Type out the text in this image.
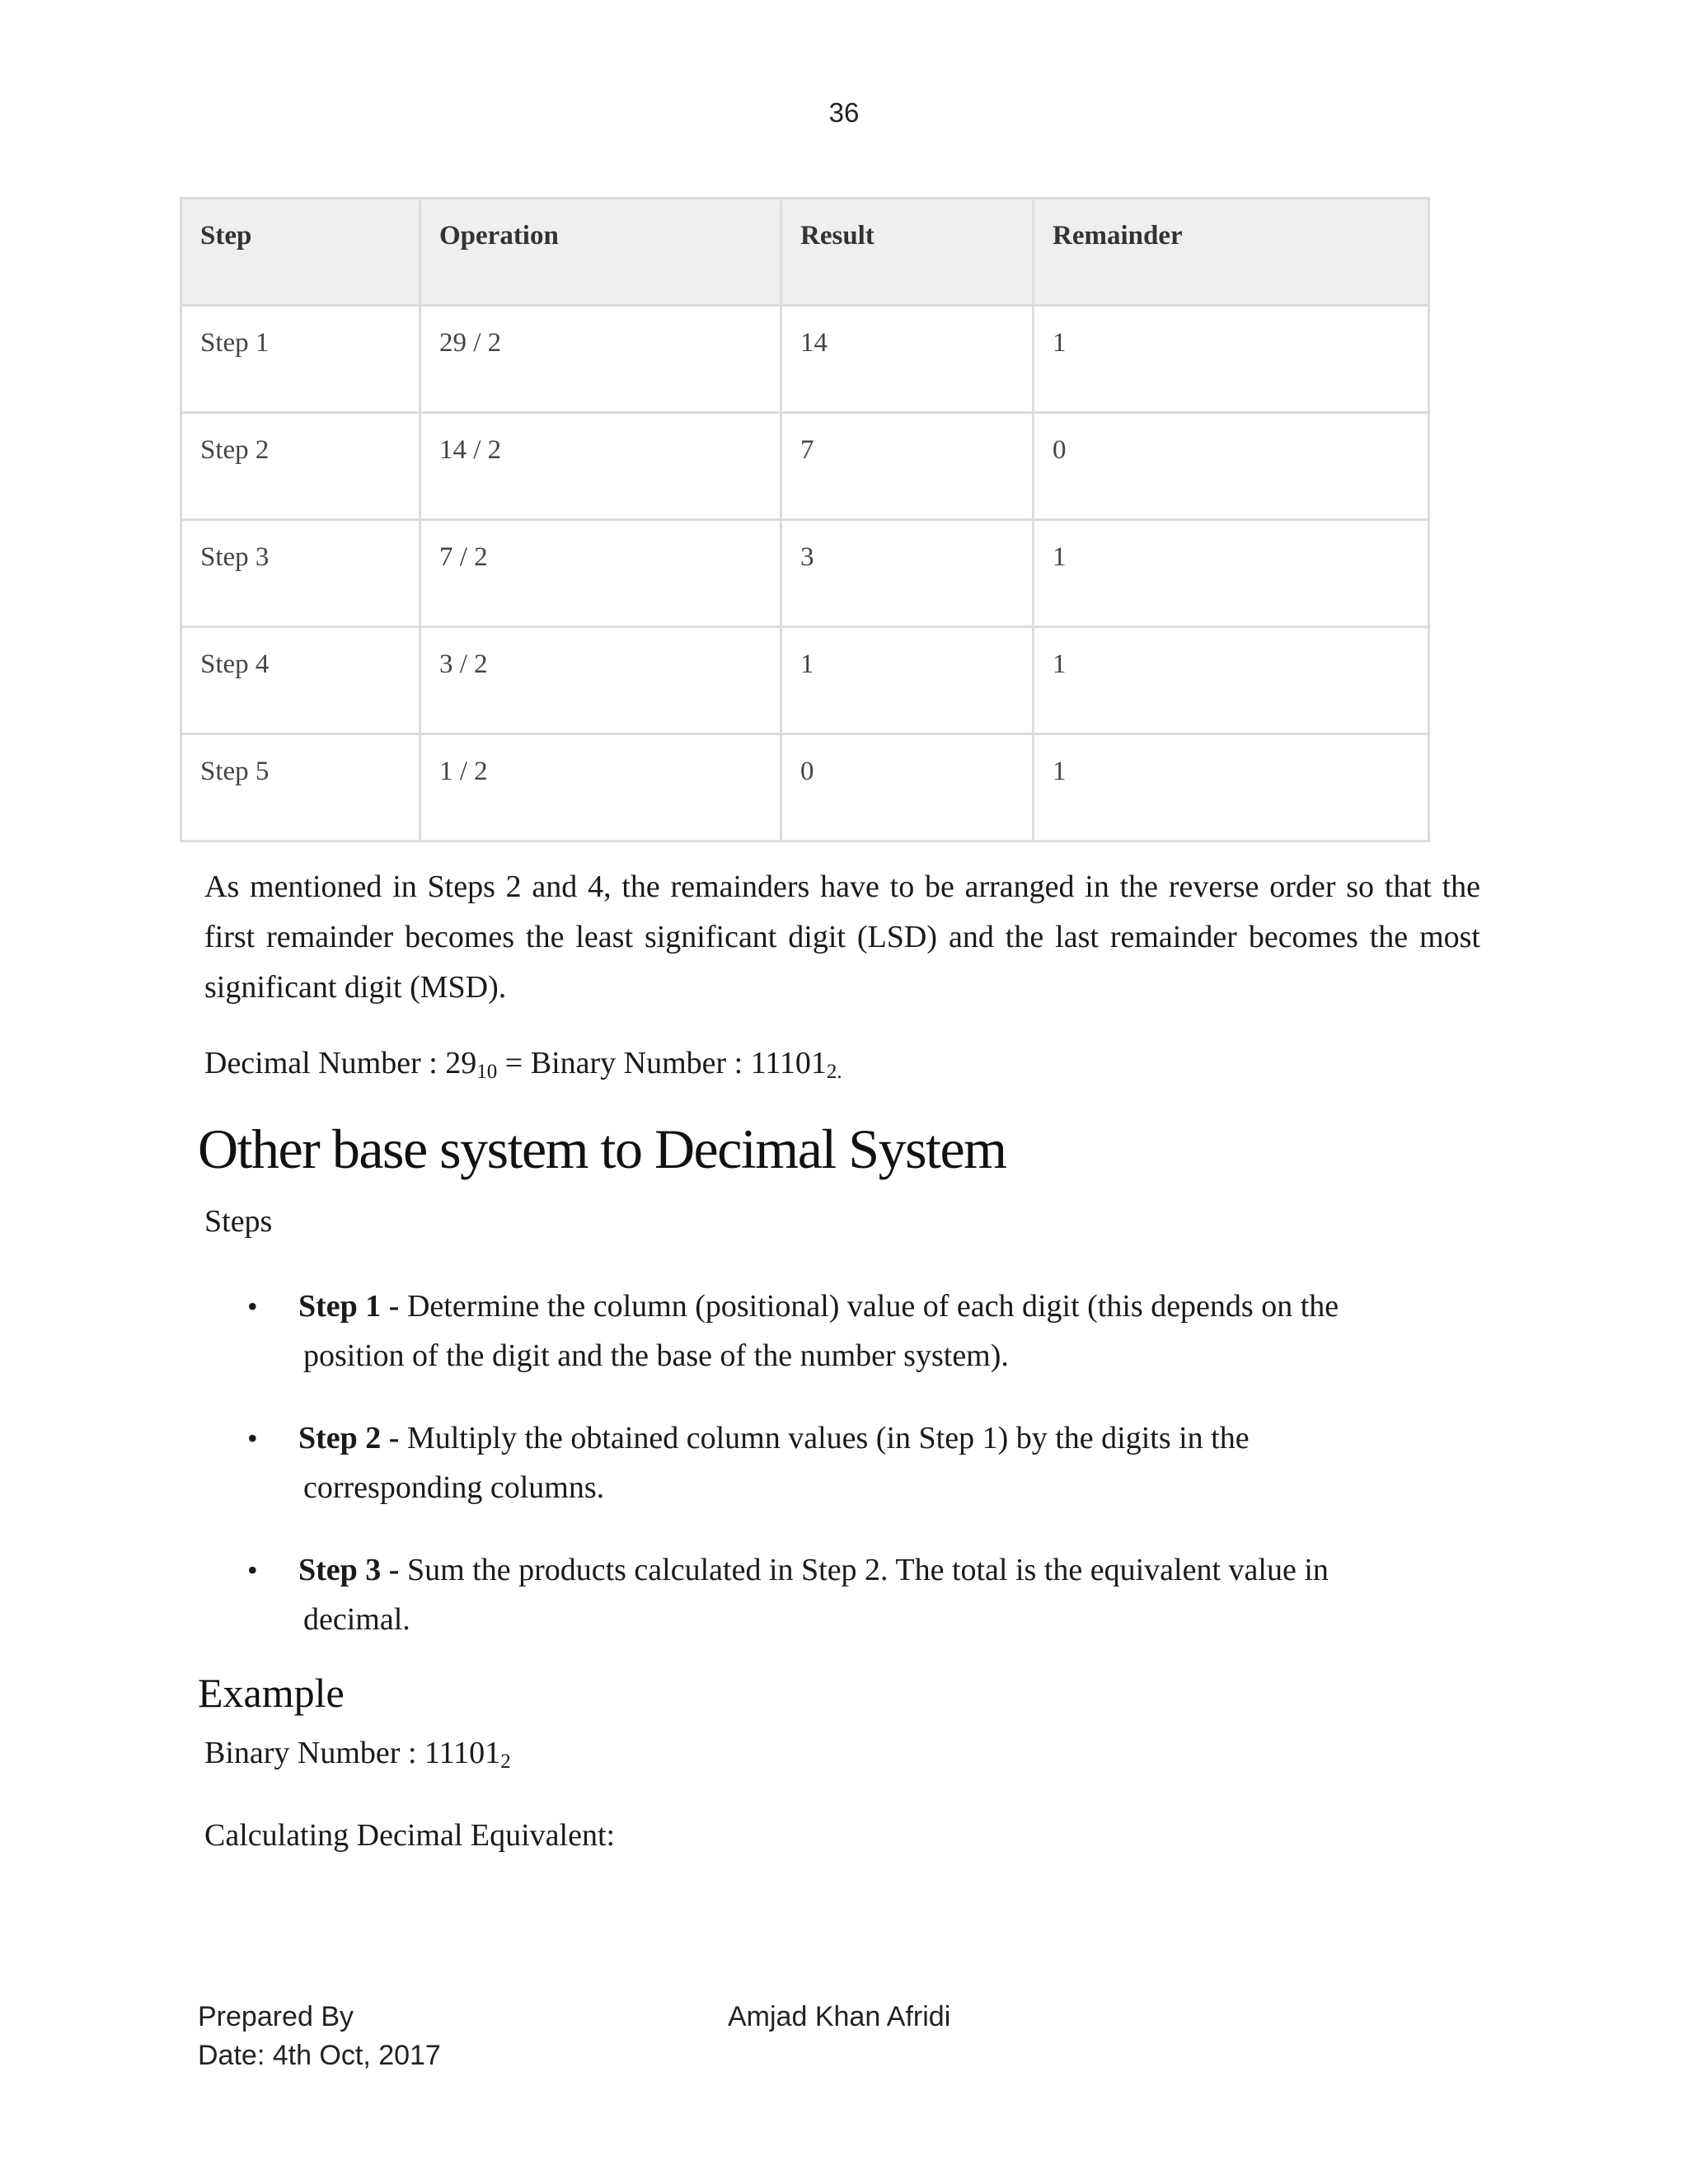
36
Step	Operation	Result	Remainder

Step 1	29 / 2	14	1

Step 2	14 / 2	7	0

Step 3	7 / 2	3	1

Step 4	3 / 2	1	1

Step 5	1 / 2	0	1
As mentioned in Steps 2 and 4, the remainders have to be arranged in the reverse order so that the first remainder becomes the least significant digit (LSD) and the last remainder becomes the most significant digit (MSD).
Decimal Number : $29_{10}$ = Binary Number : $11101_{2.}$
Other base system to Decimal System
Steps
• Step 1 - Determine the column (positional) value of each digit (this depends on the
position of the digit and the base of the number system).
• Step 2 - Multiply the obtained column values (in Step 1) by the digits in the
corresponding columns.
• Step 3 - Sum the products calculated in Step 2. The total is the equivalent value in
decimal.
Example
Binary Number : $11101_2$
Calculating Decimal Equivalent:
Prepared By	Amjad Khan Afridi
Date: 4th Oct, 2017
